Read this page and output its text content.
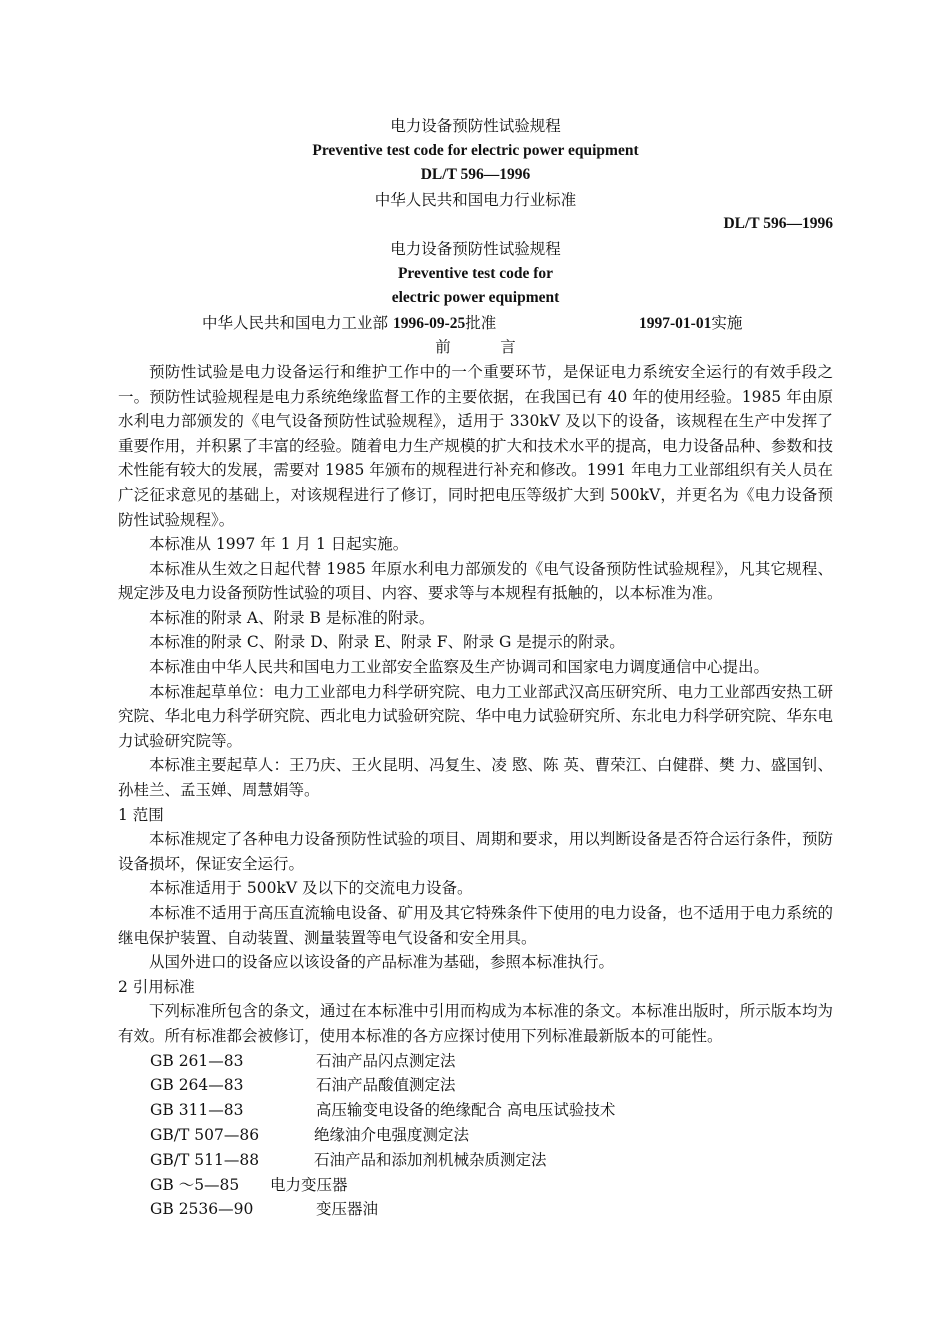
电力设备预防性试验规程
Preventive test code for electric power equipment
DL/T 596—1996
中华人民共和国电力行业标准
DL/T 596—1996
电力设备预防性试验规程
Preventive test code for
electric power equipment
中华人民共和国电力工业部 1996-09-25批准	1997-01-01实施
前言

预防性试验是电力设备运行和维护工作中的一个重要环节，是保证电力系统安全运行的有效手段之一。预防性试验规程是电力系统绝缘监督工作的主要依据，在我国已有 40 年的使用经验。1985 年由原水利电力部颁发的《电气设备预防性试验规程》，适用于 330kV 及以下的设备，该规程在生产中发挥了重要作用，并积累了丰富的经验。随着电力生产规模的扩大和技术水平的提高，电力设备品种、参数和技术性能有较大的发展，需要对 1985 年颁布的规程进行补充和修改。1991 年电力工业部组织有关人员在广泛征求意见的基础上，对该规程进行了修订，同时把电压等级扩大到 500kV，并更名为《电力设备预防性试验规程》。

本标准从 1997 年 1 月 1 日起实施。

本标准从生效之日起代替 1985 年原水利电力部颁发的《电气设备预防性试验规程》，凡其它规程、规定涉及电力设备预防性试验的项目、内容、要求等与本规程有抵触的，以本标准为准。

本标准的附录 A、附录 B 是标准的附录。

本标准的附录 C、附录 D、附录 E、附录 F、附录 G 是提示的附录。

本标准由中华人民共和国电力工业部安全监察及生产协调司和国家电力调度通信中心提出。

本标准起草单位：电力工业部电力科学研究院、电力工业部武汉高压研究所、电力工业部西安热工研究院、华北电力科学研究院、西北电力试验研究院、华中电力试验研究所、东北电力科学研究院、华东电力试验研究院等。

本标准主要起草人：王乃庆、王火昆明、冯复生、凌 愍、陈 英、曹荣江、白健群、樊 力、盛国钊、孙桂兰、孟玉婵、周慧娟等。

1 范围

本标准规定了各种电力设备预防性试验的项目、周期和要求，用以判断设备是否符合运行条件，预防设备损坏，保证安全运行。

本标准适用于 500kV 及以下的交流电力设备。

本标准不适用于高压直流输电设备、矿用及其它特殊条件下使用的电力设备，也不适用于电力系统的继电保护装置、自动装置、测量装置等电气设备和安全用具。

从国外进口的设备应以该设备的产品标准为基础，参照本标准执行。

2 引用标准

下列标准所包含的条文，通过在本标准中引用而构成为本标准的条文。本标准出版时，所示版本均为有效。所有标准都会被修订，使用本标准的各方应探讨使用下列标准最新版本的可能性。

GB 261—83	石油产品闪点测定法
GB 264—83	石油产品酸值测定法
GB 311—83	高压输变电设备的绝缘配合 高电压试验技术
GB/T 507—86	绝缘油介电强度测定法
GB/T 511—88	石油产品和添加剂机械杂质测定法
GB ～5—85 电力变压器
GB 2536—90	变压器油
